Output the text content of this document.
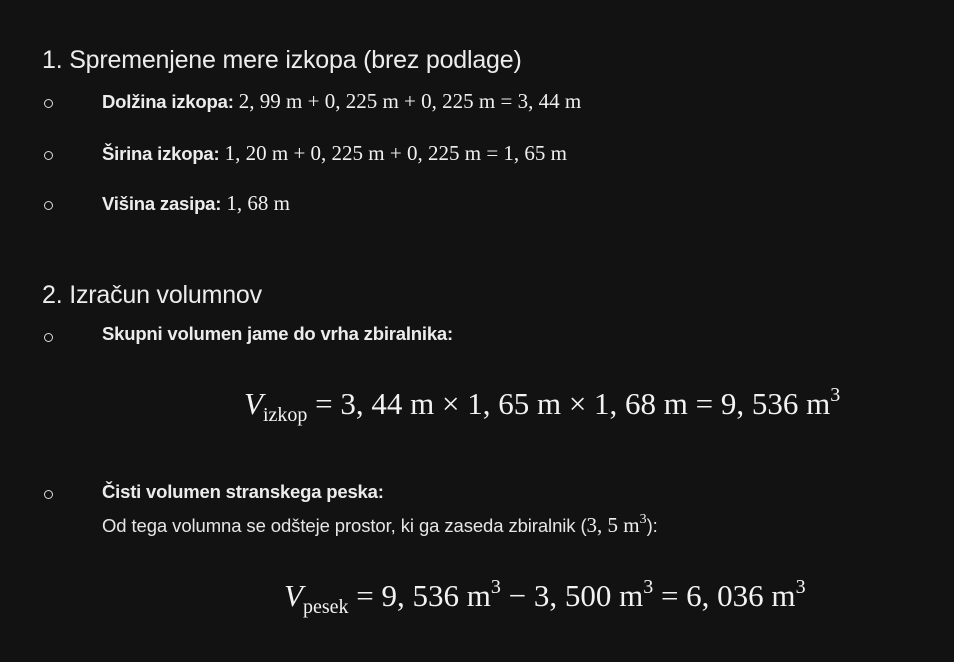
1. Spremenjene mere izkopa (brez podlage)
Dolžina izkopa: 2, 99 m + 0, 225 m + 0, 225 m = 3, 44 m
Širina izkopa: 1, 20 m + 0, 225 m + 0, 225 m = 1, 65 m
Višina zasipa: 1, 68 m
2. Izračun volumnov
Skupni volumen jame do vrha zbiralnika:
$V_{izkop} = 3$, 44 m × 1, 65 m × 1, 68 m = 9, 536 $m^3$
Čisti volumen stranskega peska:
Od tega volumna se odšteje prostor, ki ga zaseda zbiralnik (3, 5 $m^3$):
$V_{pesek} = 9$, 536 $m^3 - 3$, 500 $m^3 = 6$, 036 $m^3$
